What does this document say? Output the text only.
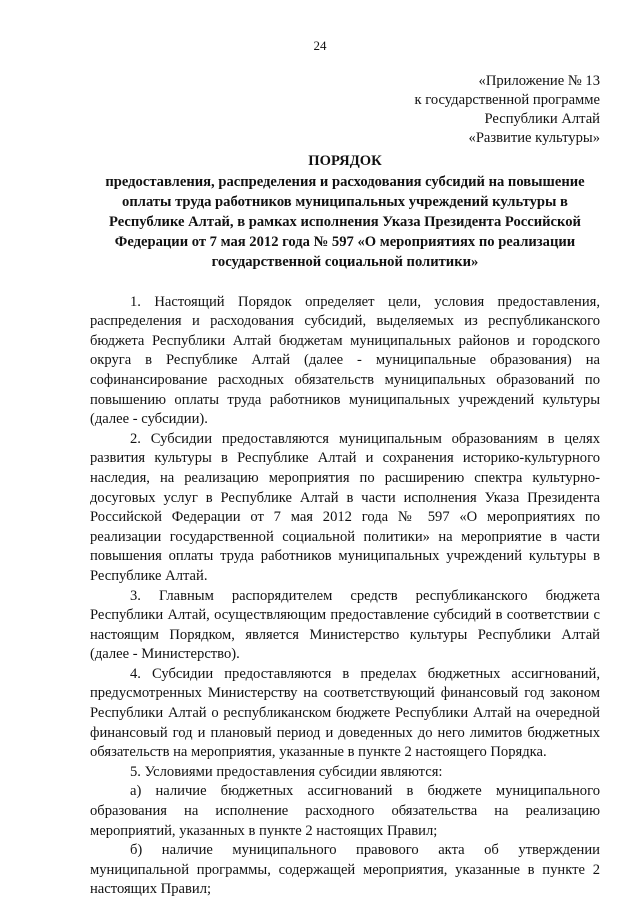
24
«Приложение № 13
к государственной программе
Республики Алтай
«Развитие культуры»
ПОРЯДОК
предоставления, распределения и расходования субсидий на повышение оплаты труда работников муниципальных учреждений культуры в Республике Алтай, в рамках исполнения Указа Президента Российской Федерации от 7 мая 2012 года № 597 «О мероприятиях по реализации государственной социальной политики»

1. Настоящий Порядок определяет цели, условия предоставления, распределения и расходования субсидий, выделяемых из республиканского бюджета Республики Алтай бюджетам муниципальных районов и городского округа в Республике Алтай (далее - муниципальные образования) на софинансирование расходных обязательств муниципальных образований по повышению оплаты труда работников муниципальных учреждений культуры (далее - субсидии).

2. Субсидии предоставляются муниципальным образованиям в целях развития культуры в Республике Алтай и сохранения историко-культурного наследия, на реализацию мероприятия по расширению спектра культурно-досуговых услуг в Республике Алтай в части исполнения Указа Президента Российской Федерации от 7 мая 2012 года № 597 «О мероприятиях по реализации государственной социальной политики» на мероприятие в части повышения оплаты труда работников муниципальных учреждений культуры в Республике Алтай.

3. Главным распорядителем средств республиканского бюджета Республики Алтай, осуществляющим предоставление субсидий в соответствии с настоящим Порядком, является Министерство культуры Республики Алтай (далее - Министерство).

4. Субсидии предоставляются в пределах бюджетных ассигнований, предусмотренных Министерству на соответствующий финансовый год законом Республики Алтай о республиканском бюджете Республики Алтай на очередной финансовый год и плановый период и доведенных до него лимитов бюджетных обязательств на мероприятия, указанные в пункте 2 настоящего Порядка.

5. Условиями предоставления субсидии являются:

а) наличие бюджетных ассигнований в бюджете муниципального образования на исполнение расходного обязательства на реализацию мероприятий, указанных в пункте 2 настоящих Правил;

б) наличие муниципального правового акта об утверждении муниципальной программы, содержащей мероприятия, указанные в пункте 2 настоящих Правил;
